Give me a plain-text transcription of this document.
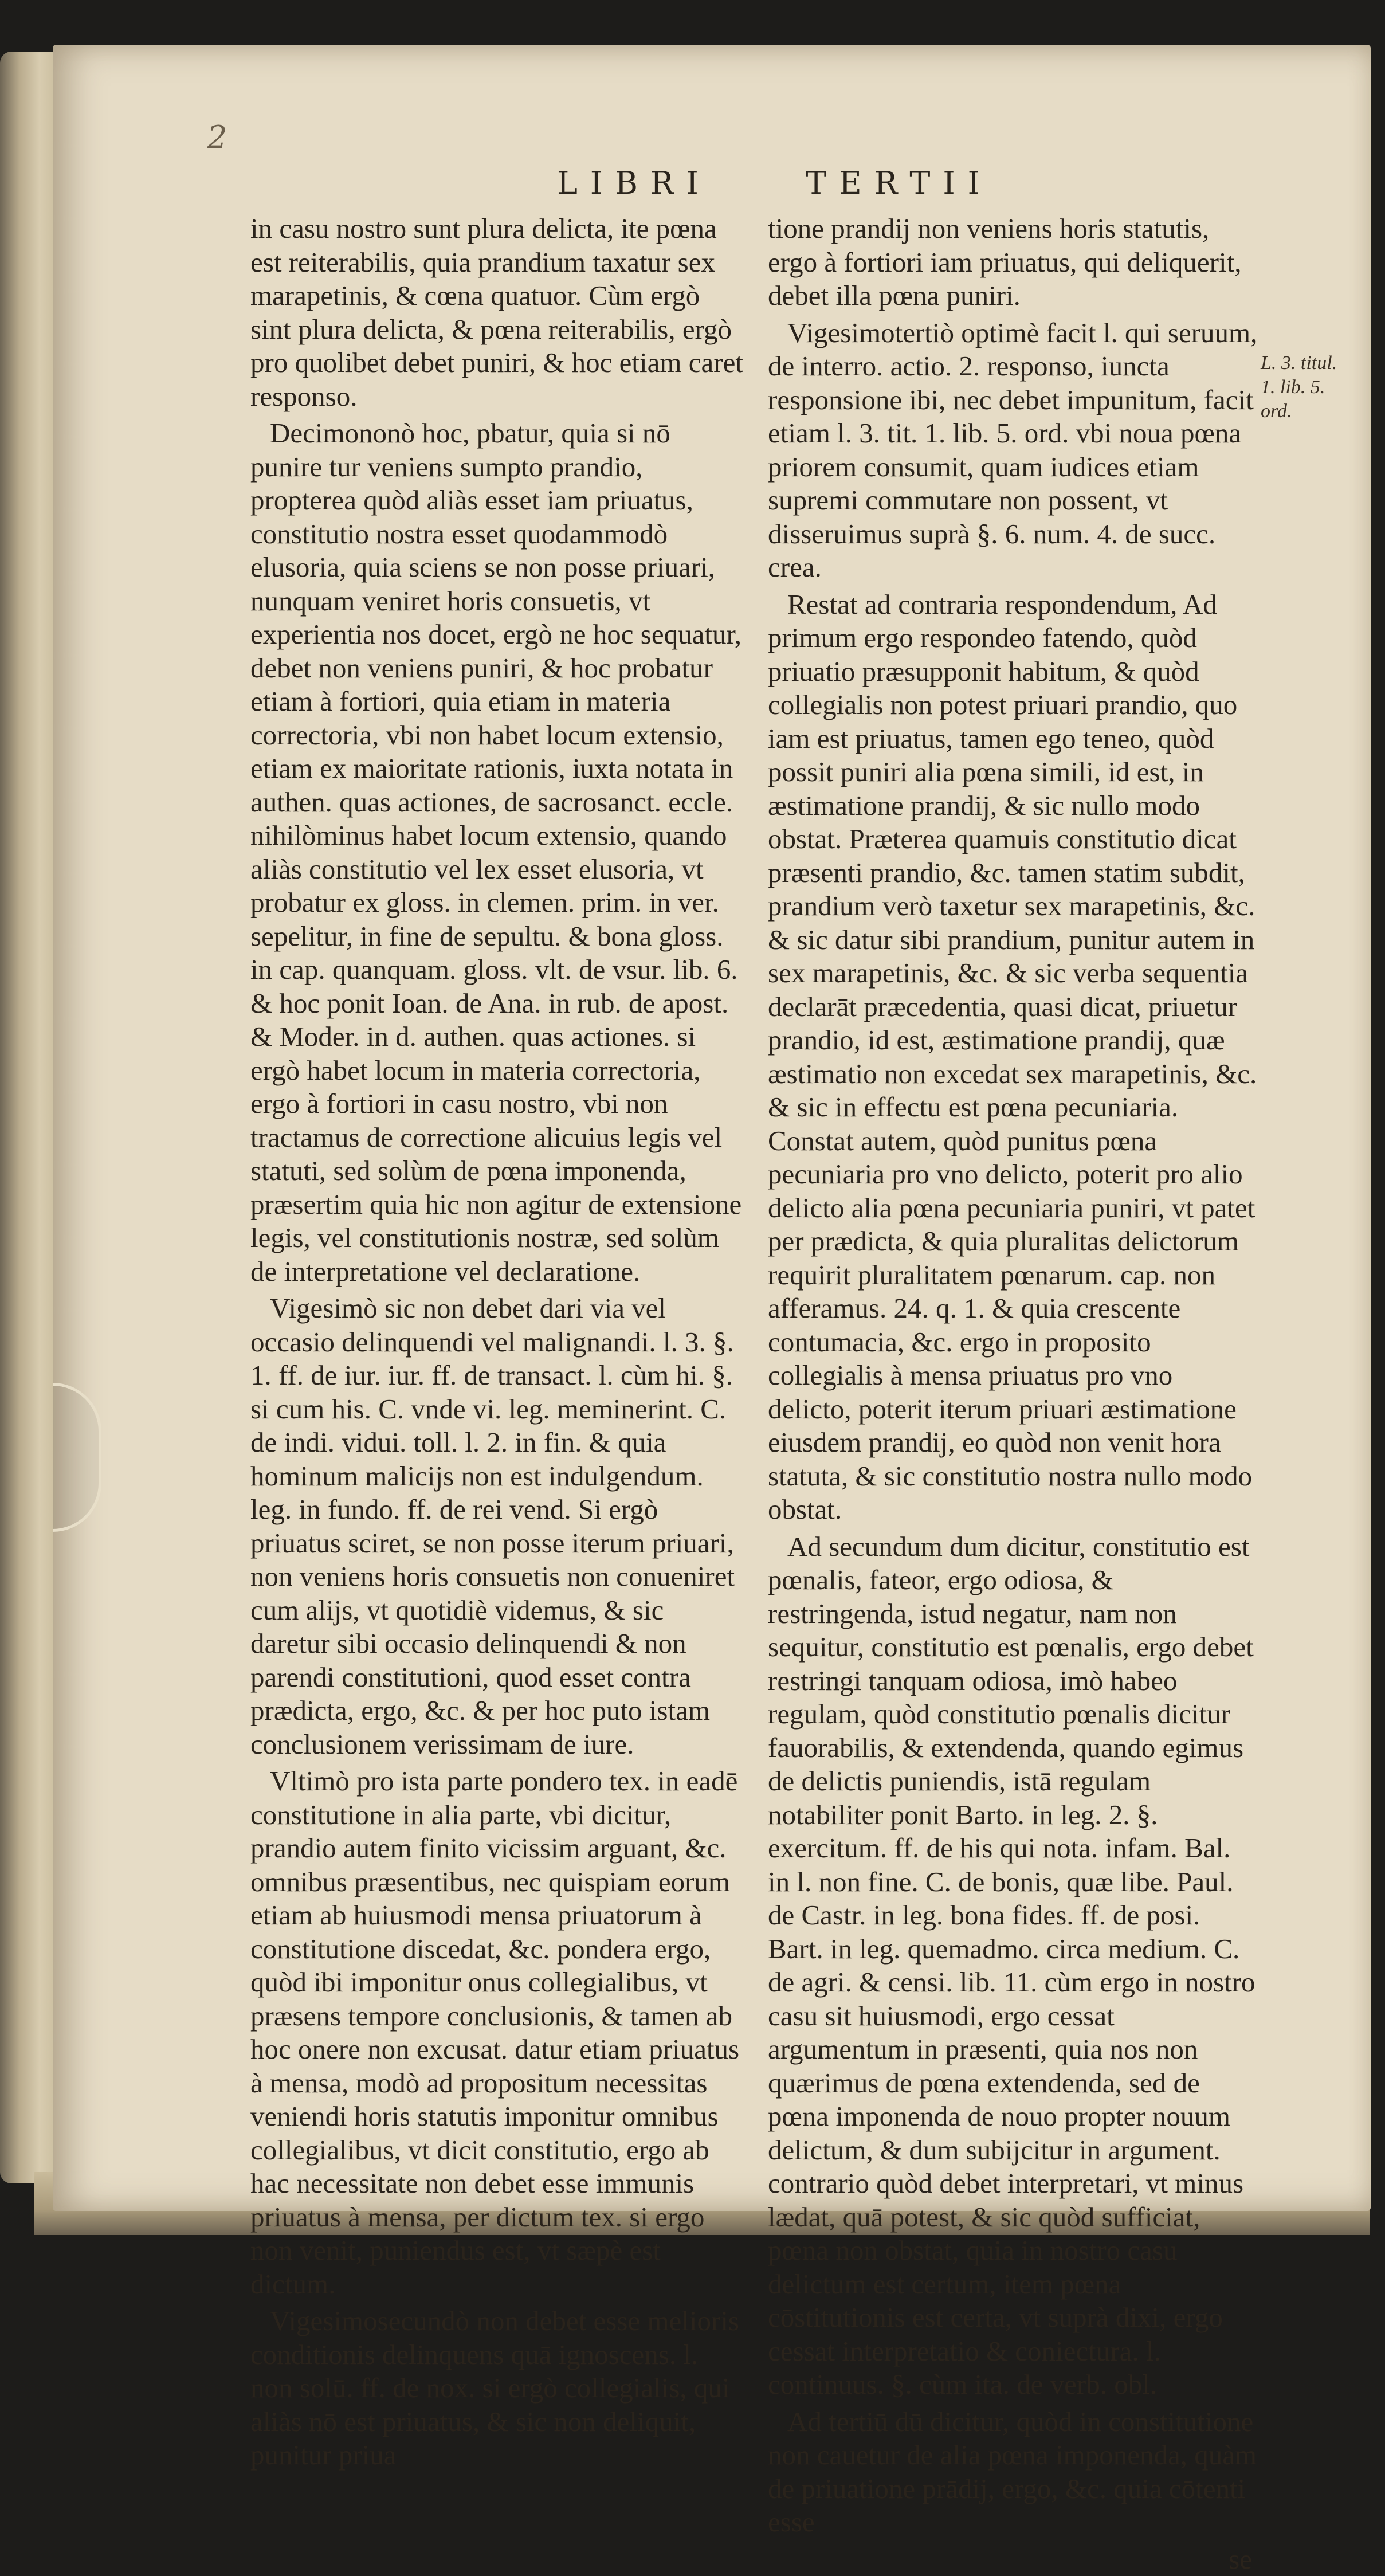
2
LIBRI	TERTII

in casu nostro sunt plura delicta, ite pœna est reiterabilis, quia prandium taxatur sex marapetinis, & cœna quatuor. Cùm ergò sint plura delicta, & pœna reiterabilis, ergò pro quolibet debet puniri, & hoc etiam caret responso.

Decimononò hoc, pbatur, quia si nō punire tur veniens sumpto prandio, propterea quòd aliàs esset iam priuatus, constitutio nostra esset quodammodò elusoria, quia sciens se non posse priuari, nunquam veniret horis consuetis, vt experientia nos docet, ergò ne hoc sequatur, debet non veniens puniri, & hoc probatur etiam à fortiori, quia etiam in materia correctoria, vbi non habet locum extensio, etiam ex maioritate rationis, iuxta notata in authen. quas actiones, de sacrosanct. eccle. nihilòminus habet locum extensio, quando aliàs constitutio vel lex esset elusoria, vt probatur ex gloss. in clemen. prim. in ver. sepelitur, in fine de sepultu. & bona gloss. in cap. quanquam. gloss. vlt. de vsur. lib. 6. & hoc ponit Ioan. de Ana. in rub. de apost. & Moder. in d. authen. quas actiones. si ergò habet locum in materia correctoria, ergo à fortiori in casu nostro, vbi non tractamus de correctione alicuius legis vel statuti, sed solùm de pœna imponenda, præsertim quia hic non agitur de extensione legis, vel constitutionis nostræ, sed solùm de interpretatione vel declaratione.

Vigesimò sic non debet dari via vel occasio delinquendi vel malignandi. l. 3. §. 1. ff. de iur. iur. ff. de transact. l. cùm hi. §. si cum his. C. vnde vi. leg. meminerint. C. de indi. vidui. toll. l. 2. in fin. & quia hominum malicijs non est indulgendum. leg. in fundo. ff. de rei vend. Si ergò priuatus sciret, se non posse iterum priuari, non veniens horis consuetis non conueniret cum alijs, vt quotidiè videmus, & sic daretur sibi occasio delinquendi & non parendi constitutioni, quod esset contra prædicta, ergo, &c. & per hoc puto istam conclusionem verissimam de iure.

Vltimò pro ista parte pondero tex. in eadē constitutione in alia parte, vbi dicitur, prandio autem finito vicissim arguant, &c. omnibus præsentibus, nec quispiam eorum etiam ab huiusmodi mensa priuatorum à constitutione discedat, &c. pondera ergo, quòd ibi imponitur onus collegialibus, vt præsens tempore conclusionis, & tamen ab hoc onere non excusat. datur etiam priuatus à mensa, modò ad propositum necessitas veniendi horis statutis imponitur omnibus collegialibus, vt dicit constitutio, ergo ab hac necessitate non debet esse immunis priuatus à mensa, per dictum tex. si ergo non venit, puniendus est, vt sæpè est dictum.

Vigesimosecundò non debet esse melioris conditionis delinquens quā ignoscens. l. non solū. ff. de nox. si ergò collegialis, qui aliàs nō est priuatus, & sic non deliquit, punitur priua

tione prandij non veniens horis statutis, ergo à fortiori iam priuatus, qui deliquerit, debet illa pœna puniri.

Vigesimotertiò optimè facit l. qui seruum, de interro. actio. 2. responso, iuncta responsione ibi, nec debet impunitum, facit etiam l. 3. tit. 1. lib. 5. ord. vbi noua pœna priorem consumit, quam iudices etiam supremi commutare non possent, vt disseruimus suprà §. 6. num. 4. de succ. crea.

Restat ad contraria respondendum, Ad primum ergo respondeo fatendo, quòd priuatio præsupponit habitum, & quòd collegialis non potest priuari prandio, quo iam est priuatus, tamen ego teneo, quòd possit puniri alia pœna simili, id est, in æstimatione prandij, & sic nullo modo obstat. Præterea quamuis constitutio dicat præsenti prandio, &c. tamen statim subdit, prandium verò taxetur sex marapetinis, &c. & sic datur sibi prandium, punitur autem in sex marapetinis, &c. & sic verba sequentia declarāt præcedentia, quasi dicat, priuetur prandio, id est, æstimatione prandij, quæ æstimatio non excedat sex marapetinis, &c. & sic in effectu est pœna pecuniaria. Constat autem, quòd punitus pœna pecuniaria pro vno delicto, poterit pro alio delicto alia pœna pecuniaria puniri, vt patet per prædicta, & quia pluralitas delictorum requirit pluralitatem pœnarum. cap. non afferamus. 24. q. 1. & quia crescente contumacia, &c. ergo in proposito collegialis à mensa priuatus pro vno delicto, poterit iterum priuari æstimatione eiusdem prandij, eo quòd non venit hora statuta, & sic constitutio nostra nullo modo obstat.

Ad secundum dum dicitur, constitutio est pœnalis, fateor, ergo odiosa, & restringenda, istud negatur, nam non sequitur, constitutio est pœnalis, ergo debet restringi tanquam odiosa, imò habeo regulam, quòd constitutio pœnalis dicitur fauorabilis, & extendenda, quando egimus de delictis puniendis, istā regulam notabiliter ponit Barto. in leg. 2. §. exercitum. ff. de his qui nota. infam. Bal. in l. non fine. C. de bonis, quæ libe. Paul. de Castr. in leg. bona fides. ff. de posi. Bart. in leg. quemadmo. circa medium. C. de agri. & censi. lib. 11. cùm ergo in nostro casu sit huiusmodi, ergo cessat argumentum in præsenti, quia nos non quærimus de pœna extendenda, sed de pœna imponenda de nouo propter nouum delictum, & dum subijcitur in argument. contrario quòd debet interpretari, vt minus lædat, quā potest, & sic quòd sufficiat, pœna non obstat, quia in nostro casu delictum est certum, item pœna cōstitutionis est certa, vt suprà dixi, ergo cessat interpretatio & coniectura. l. continuus. §. cùm ita. de verb. obl.

Ad tertiū dū dicitur, quòd in constitutione non cauetur de alia pœna imponenda, quàm de priuatione prādij, ergo, &c. quia cōtenti esse

se
L. 3. titul. 1. lib. 5. ord.
